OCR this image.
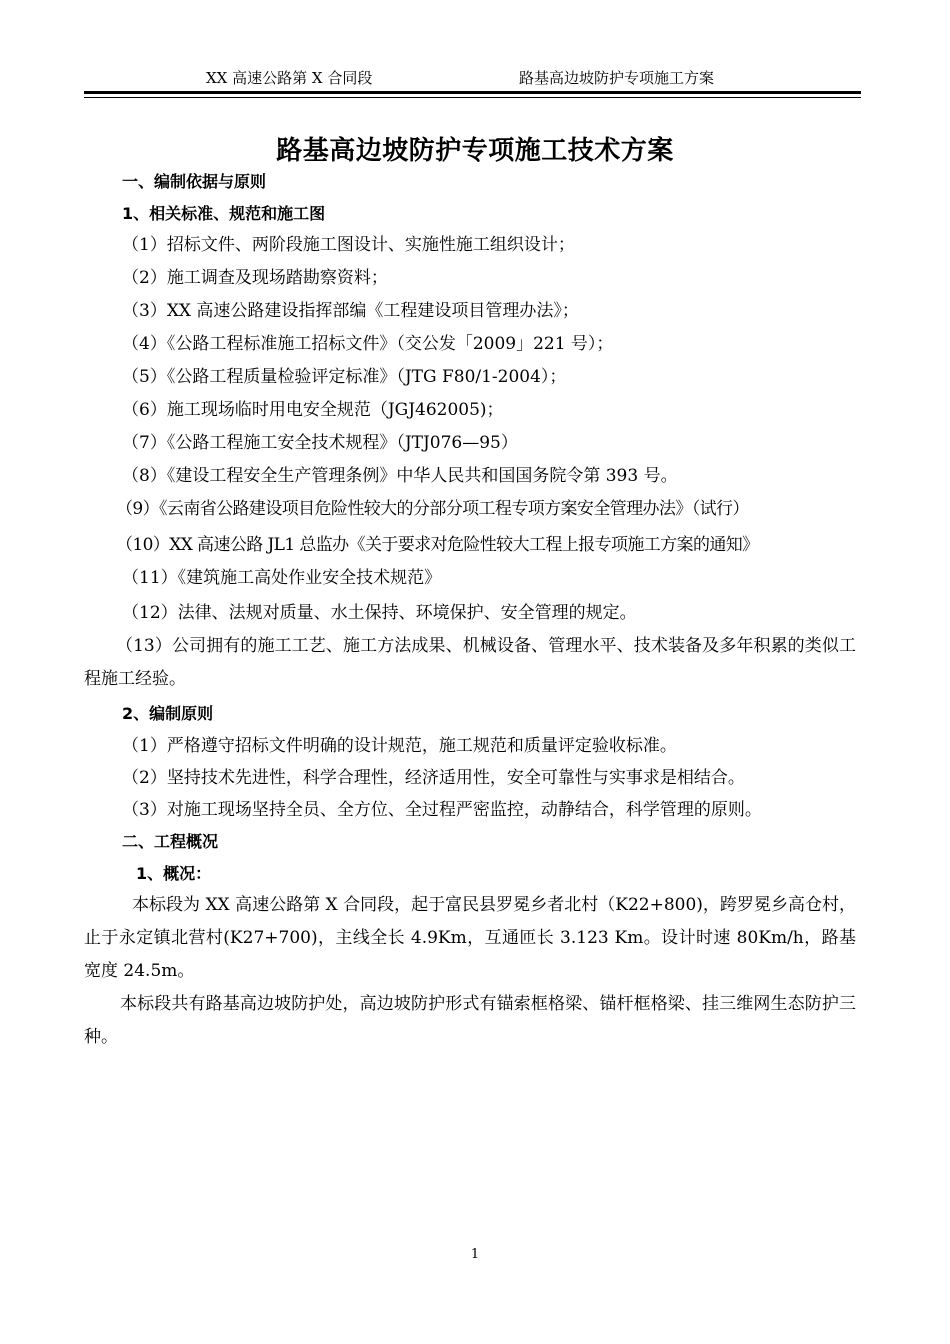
XX 高速公路第 X 合同段	路基高边坡防护专项施工方案
路基高边坡防护专项施工技术方案
一、编制依据与原则
1、相关标准、规范和施工图
（1）招标文件、两阶段施工图设计、实施性施工组织设计；
（2）施工调查及现场踏勘察资料；
（3）XX 高速公路建设指挥部编《工程建设项目管理办法》；
（4）《公路工程标准施工招标文件》（交公发「2009」221 号）；
（5）《公路工程质量检验评定标准》（JTG F80/1-2004）；
（6）施工现场临时用电安全规范（JGJ462005)；
（7）《公路工程施工安全技术规程》（JTJ076—95）
（8）《建设工程安全生产管理条例》中华人民共和国国务院令第 393 号。
（9）《云南省公路建设项目危险性较大的分部分项工程专项方案安全管理办法》（试行）
（10）XX 高速公路 JL1 总监办《关于要求对危险性较大工程上报专项施工方案的通知》
（11）《建筑施工高处作业安全技术规范》
（12）法律、法规对质量、水土保持、环境保护、安全管理的规定。
（13）公司拥有的施工工艺、施工方法成果、机械设备、管理水平、技术装备及多年积累的类似工程施工经验。
2、编制原则
（1）严格遵守招标文件明确的设计规范，施工规范和质量评定验收标准。
（2）坚持技术先进性，科学合理性，经济适用性，安全可靠性与实事求是相结合。
（3）对施工现场坚持全员、全方位、全过程严密监控，动静结合，科学管理的原则。
二、工程概况
1、概况：
本标段为 XX 高速公路第 X 合同段，起于富民县罗冕乡者北村（K22+800)，跨罗冕乡高仓村，止于永定镇北营村(K27+700)，主线全长 4.9Km，互通匝长 3.123 Km。设计时速 80Km/h，路基宽度 24.5m。
本标段共有路基高边坡防护处，高边坡防护形式有锚索框格梁、锚杆框格梁、挂三维网生态防护三种。
1
